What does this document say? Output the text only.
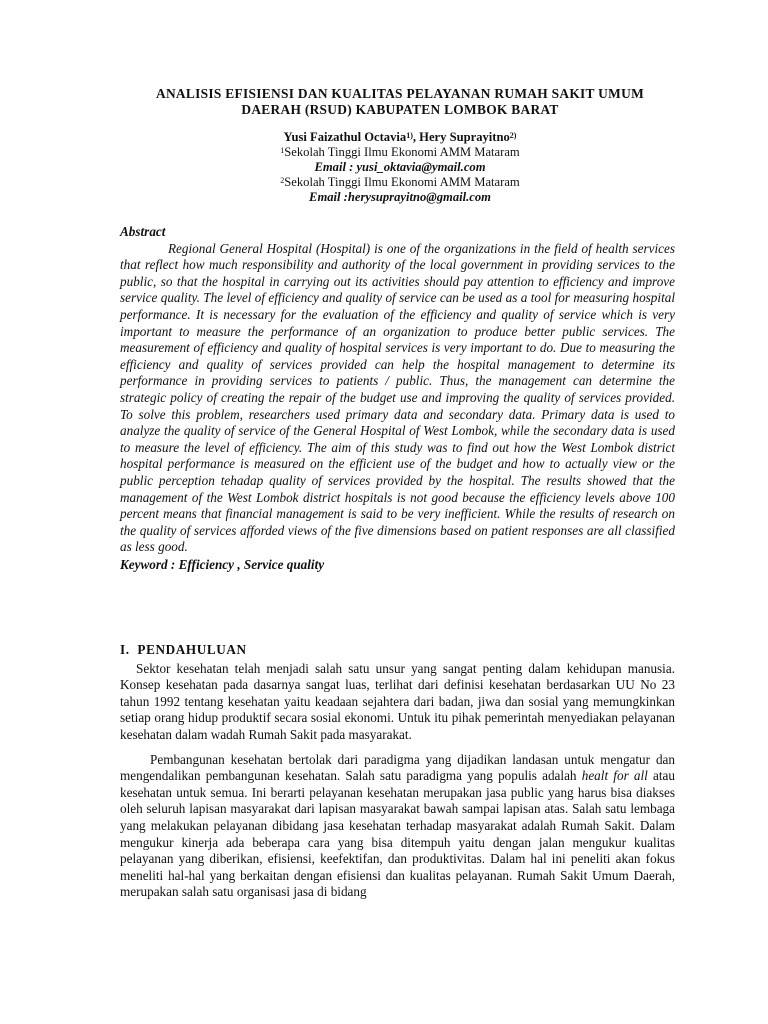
ANALISIS EFISIENSI DAN KUALITAS PELAYANAN RUMAH SAKIT UMUM
DAERAH (RSUD) KABUPATEN LOMBOK BARAT
Yusi Faizathul Octavia$^{1)}$, Hery Suprayitno$^{2)}$
$^1$Sekolah Tinggi Ilmu Ekonomi AMM Mataram
Email : yusi_oktavia@ymail.com
$^2$Sekolah Tinggi Ilmu Ekonomi AMM Mataram
Email :herysuprayitno@gmail.com
Abstract

Regional General Hospital (Hospital) is one of the organizations in the field of health services that reflect how much responsibility and authority of the local government in providing services to the public, so that the hospital in carrying out its activities should pay attention to efficiency and improve service quality. The level of efficiency and quality of service can be used as a tool for measuring hospital performance. It is necessary for the evaluation of the efficiency and quality of service which is very important to measure the performance of an organization to produce better public services. The measurement of efficiency and quality of hospital services is very important to do. Due to measuring the efficiency and quality of services provided can help the hospital management to determine its performance in providing services to patients / public. Thus, the management can determine the strategic policy of creating the repair of the budget use and improving the quality of services provided. To solve this problem, researchers used primary data and secondary data. Primary data is used to analyze the quality of service of the General Hospital of West Lombok, while the secondary data is used to measure the level of efficiency. The aim of this study was to find out how the West Lombok district hospital performance is measured on the efficient use of the budget and how to actually view or the public perception tehadap quality of services provided by the hospital. The results showed that the management of the West Lombok district hospitals is not good because the efficiency levels above 100 percent means that financial management is said to be very inefficient. While the results of research on the quality of services afforded views of the five dimensions based on patient responses are all classified as less good.

Keyword : Efficiency , Service quality
I.  PENDAHULUAN

Sektor kesehatan telah menjadi salah satu unsur yang sangat penting dalam kehidupan manusia. Konsep kesehatan pada dasarnya sangat luas, terlihat dari definisi kesehatan berdasarkan UU No 23 tahun 1992 tentang kesehatan yaitu keadaan sejahtera dari badan, jiwa dan sosial yang memungkinkan setiap orang hidup produktif secara sosial ekonomi. Untuk itu pihak pemerintah menyediakan pelayanan kesehatan dalam wadah Rumah Sakit pada masyarakat.

Pembangunan kesehatan bertolak dari paradigma yang dijadikan landasan untuk mengatur dan mengendalikan pembangunan kesehatan. Salah satu paradigma yang populis adalah healt for all atau kesehatan untuk semua. Ini berarti pelayanan kesehatan merupakan jasa public yang harus bisa diakses oleh seluruh lapisan masyarakat dari lapisan masyarakat bawah sampai lapisan atas. Salah satu lembaga yang melakukan pelayanan dibidang jasa kesehatan terhadap masyarakat adalah Rumah Sakit. Dalam mengukur kinerja ada beberapa cara yang bisa ditempuh yaitu dengan jalan mengukur kualitas pelayanan yang diberikan, efisiensi, keefektifan, dan produktivitas. Dalam hal ini peneliti akan fokus meneliti hal-hal yang berkaitan dengan efisiensi dan kualitas pelayanan. Rumah Sakit Umum Daerah, merupakan salah satu organisasi jasa di bidang
